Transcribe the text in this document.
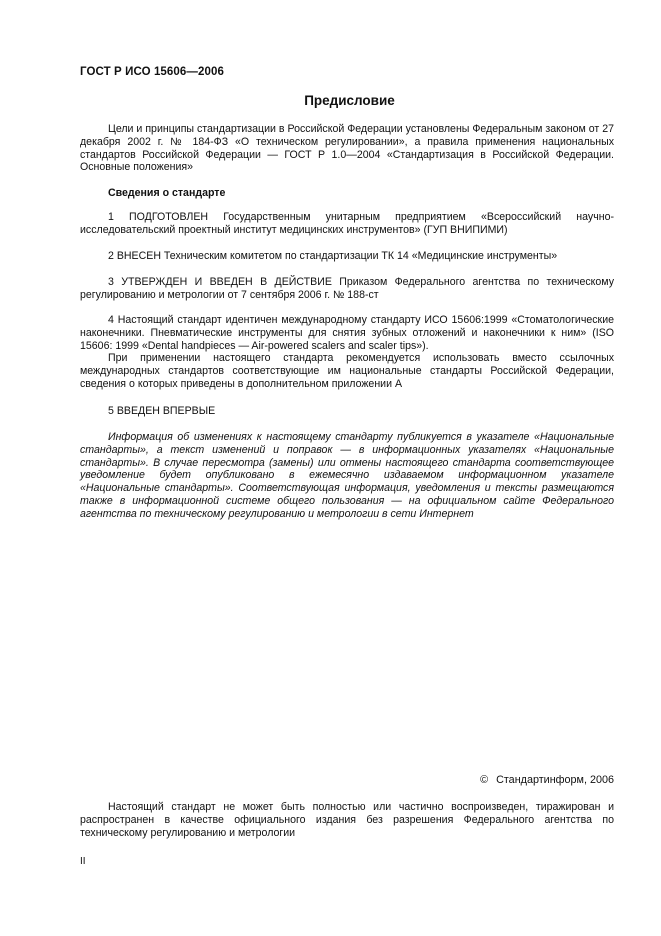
ГОСТ Р ИСО 15606—2006
Предисловие

Цели и принципы стандартизации в Российской Федерации установлены Федеральным законом от 27 декабря 2002 г. № 184-ФЗ «О техническом регулировании», а правила применения национальных стандартов Российской Федерации — ГОСТ Р 1.0—2004 «Стандартизация в Российской Федерации. Основные положения»

Сведения о стандарте

1 ПОДГОТОВЛЕН Государственным унитарным предприятием «Всероссийский научно-исследовательский проектный институт медицинских инструментов» (ГУП ВНИПИМИ)

2 ВНЕСЕН Техническим комитетом по стандартизации ТК 14 «Медицинские инструменты»

3 УТВЕРЖДЕН И ВВЕДЕН В ДЕЙСТВИЕ Приказом Федерального агентства по техническому регулированию и метрологии от 7 сентября 2006 г. № 188-ст

4 Настоящий стандарт идентичен международному стандарту ИСО 15606:1999 «Стоматологические наконечники. Пневматические инструменты для снятия зубных отложений и наконечники к ним» (ISO 15606: 1999 «Dental handpieces — Air-powered scalers and scaler tips»).

При применении настоящего стандарта рекомендуется использовать вместо ссылочных международных стандартов соответствующие им национальные стандарты Российской Федерации, сведения о которых приведены в дополнительном приложении А

5 ВВЕДЕН ВПЕРВЫЕ

Информация об изменениях к настоящему стандарту публикуется в указателе «Национальные стандарты», а текст изменений и поправок — в информационных указателях «Национальные стандарты». В случае пересмотра (замены) или отмены настоящего стандарта соответствующее уведомление будет опубликовано в ежемесячно издаваемом информационном указателе «Национальные стандарты». Соответствующая информация, уведомления и тексты размещаются также в информационной системе общего пользования — на официальном сайте Федерального агентства по техническому регулированию и метрологии в сети Интернет

© Стандартинформ, 2006

Настоящий стандарт не может быть полностью или частично воспроизведен, тиражирован и распространен в качестве официального издания без разрешения Федерального агентства по техническому регулированию и метрологии

II
